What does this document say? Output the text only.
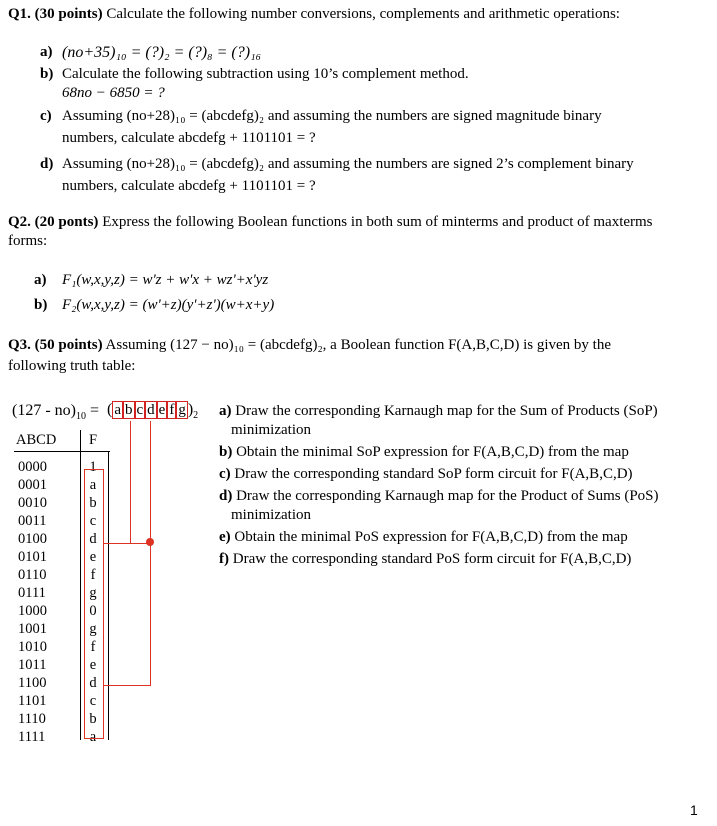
Q1. (30 points) Calculate the following number conversions, complements and arithmetic operations:
a) (no+35)₁₀ = (?)₂ = (?)₈ = (?)₁₆
b) Calculate the following subtraction using 10’s complement method.
68no − 6850 = ?
c) Assuming (no+28)₁₀ = (abcdefg)₂ and assuming the numbers are signed magnitude binary
numbers, calculate abcdefg + 1101101 = ?
d) Assuming (no+28)₁₀ = (abcdefg)₂ and assuming the numbers are signed 2’s complement binary
numbers, calculate abcdefg + 1101101 = ?
Q2. (20 ponts) Express the following Boolean functions in both sum of minterms and product of maxterms
forms:
a) F₁(w,x,y,z) = w'z + w'x + wz'+x'yz
b) F₂(w,x,y,z) = (w'+z)(y'+z')(w+x+y)
Q3. (50 points) Assuming (127 − no)₁₀ = (abcdefg)₂, a Boolean function F(A,B,C,D) is given by the
following truth table:
$(127 - no)_{10}$ = ( a b c d e f g )$_2$
ABCD F
0000
0001
0010
0011
0100
0101
0110
0111
1000
1001
1010
1011
1100
1101
1110
1111
1
a
b
c
d
e
f
g
0
g
f
e
d
c
b
a
a) Draw the corresponding Karnaugh map for the Sum of Products (SoP)
minimization
b) Obtain the minimal SoP expression for F(A,B,C,D) from the map
c) Draw the corresponding standard SoP form circuit for F(A,B,C,D)
d) Draw the corresponding Karnaugh map for the Product of Sums (PoS)
minimization
e) Obtain the minimal PoS expression for F(A,B,C,D) from the map
f) Draw the corresponding standard PoS form circuit for F(A,B,C,D)
1
